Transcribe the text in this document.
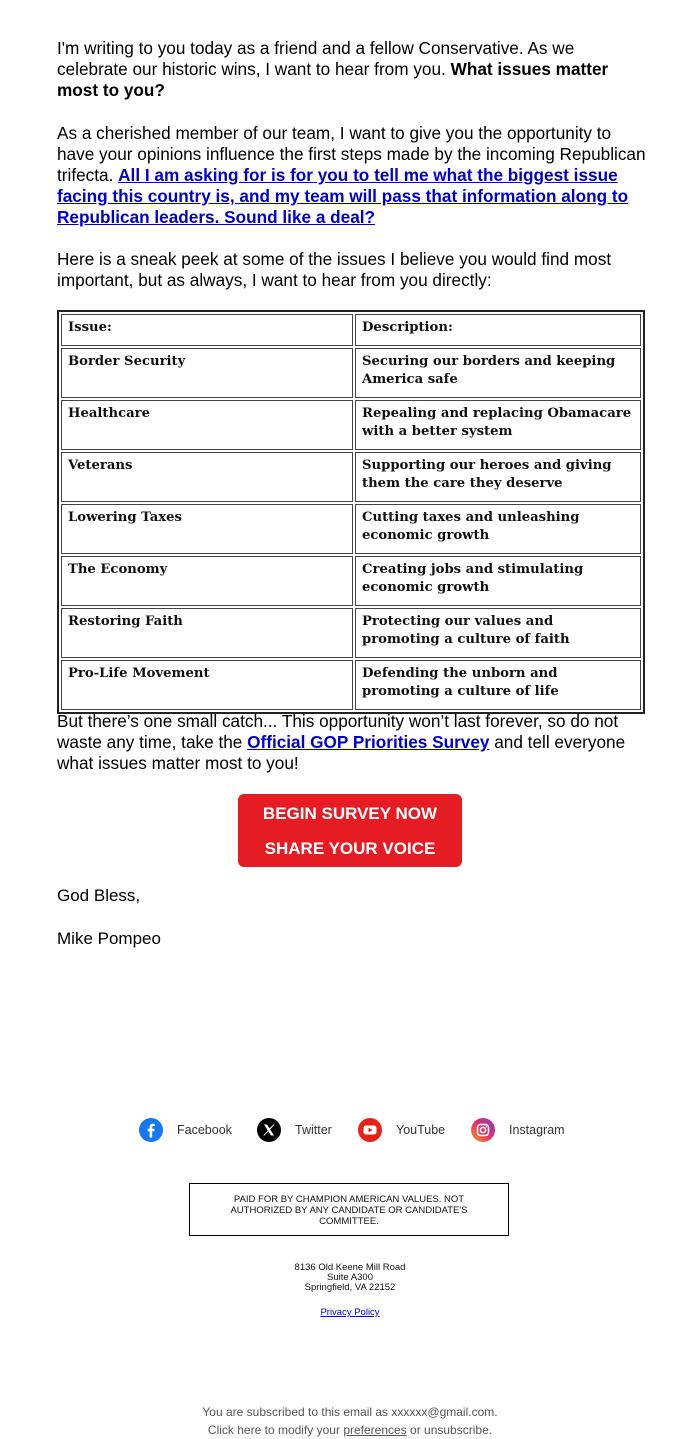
I'm writing to you today as a friend and a fellow Conservative. As we celebrate our historic wins, I want to hear from you. What issues matter most to you?

As a cherished member of our team, I want to give you the opportunity to have your opinions influence the first steps made by the incoming Republican trifecta. All I am asking for is for you to tell me what the biggest issue facing this country is, and my team will pass that information along to Republican leaders. Sound like a deal?

Here is a sneak peek at some of the issues I believe you would find most important, but as always, I want to hear from you directly:

But there’s one small catch... This opportunity won’t last forever, so do not waste any time, take the Official GOP Priorities Survey and tell everyone what issues matter most to you!

Issue:	Description:
Border Security	Securing our borders and keeping America safe
Healthcare	Repealing and replacing Obamacare with a better system
Veterans	Supporting our heroes and giving them the care they deserve
Lowering Taxes	Cutting taxes and unleashing economic growth
The Economy	Creating jobs and stimulating economic growth
Restoring Faith	Protecting our values and promoting a culture of faith
Pro-Life Movement	Defending the unborn and promoting a culture of life
BEGIN SURVEY NOW
SHARE YOUR VOICE
God Bless,
Mike Pompeo
Facebook	Twitter	YouTube	Instagram
PAID FOR BY CHAMPION AMERICAN VALUES. NOT AUTHORIZED BY ANY CANDIDATE OR CANDIDATE'S COMMITTEE.
8136 Old Keene Mill Road
Suite A300
Springfield, VA 22152
Privacy Policy
You are subscribed to this email as xxxxxx@gmail.com.
Click here to modify your preferences or unsubscribe.
